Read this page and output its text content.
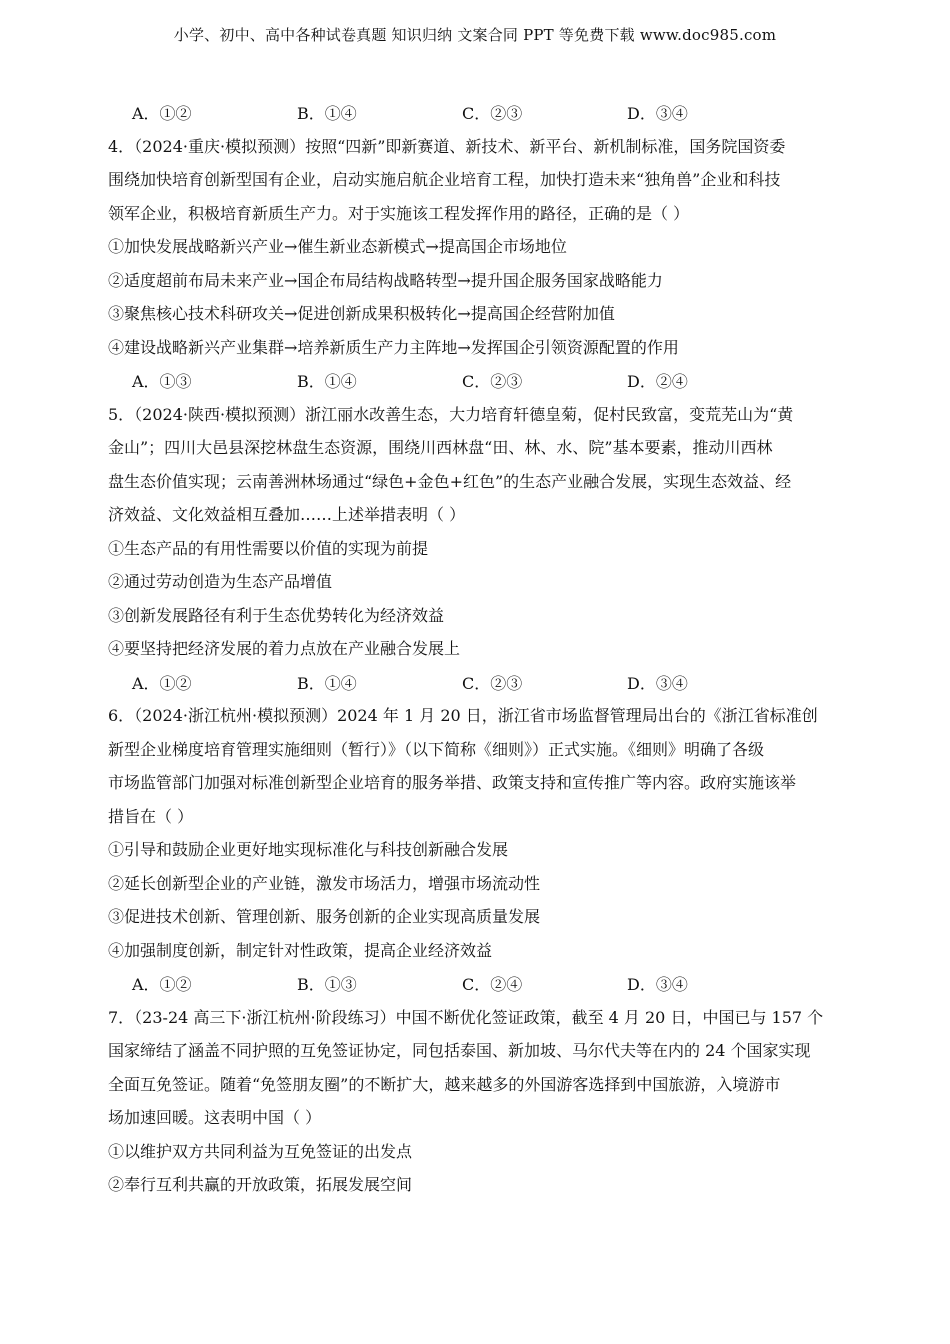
小学、初中、高中各种试卷真题 知识归纳 文案合同 PPT 等免费下载 www.doc985.com
A．①②	B．①④	C．②③	D．③④
4．（2024·重庆·模拟预测）按照“四新”即新赛道、新技术、新平台、新机制标准，国务院国资委
围绕加快培育创新型国有企业，启动实施启航企业培育工程，加快打造未来“独角兽”企业和科技
领军企业，积极培育新质生产力。对于实施该工程发挥作用的路径，正确的是（ ）
①加快发展战略新兴产业→催生新业态新模式→提高国企市场地位
②适度超前布局未来产业→国企布局结构战略转型→提升国企服务国家战略能力
③聚焦核心技术科研攻关→促进创新成果积极转化→提高国企经营附加值
④建设战略新兴产业集群→培养新质生产力主阵地→发挥国企引领资源配置的作用
A．①③	B．①④	C．②③	D．②④
5．（2024·陕西·模拟预测）浙江丽水改善生态，大力培育轩德皇菊，促村民致富，变荒芜山为“黄
金山”；四川大邑县深挖林盘生态资源，围绕川西林盘“田、林、水、院”基本要素，推动川西林
盘生态价值实现；云南善洲林场通过“绿色+金色+红色”的生态产业融合发展，实现生态效益、经
济效益、文化效益相互叠加……上述举措表明（ ）
①生态产品的有用性需要以价值的实现为前提
②通过劳动创造为生态产品增值
③创新发展路径有利于生态优势转化为经济效益
④要坚持把经济发展的着力点放在产业融合发展上
A．①②	B．①④	C．②③	D．③④
6．（2024·浙江杭州·模拟预测）2024 年 1 月 20 日，浙江省市场监督管理局出台的《浙江省标准创
新型企业梯度培育管理实施细则（暂行）》（以下简称《细则》）正式实施。《细则》明确了各级
市场监管部门加强对标准创新型企业培育的服务举措、政策支持和宣传推广等内容。政府实施该举
措旨在（ ）
①引导和鼓励企业更好地实现标准化与科技创新融合发展
②延长创新型企业的产业链，激发市场活力，增强市场流动性
③促进技术创新、管理创新、服务创新的企业实现高质量发展
④加强制度创新，制定针对性政策，提高企业经济效益
A．①②	B．①③	C．②④	D．③④
7．（23-24 高三下·浙江杭州·阶段练习）中国不断优化签证政策，截至 4 月 20 日，中国已与 157 个
国家缔结了涵盖不同护照的互免签证协定，同包括泰国、新加坡、马尔代夫等在内的 24 个国家实现
全面互免签证。随着“免签朋友圈”的不断扩大，越来越多的外国游客选择到中国旅游，入境游市
场加速回暖。这表明中国（ ）
①以维护双方共同利益为互免签证的出发点
②奉行互利共赢的开放政策，拓展发展空间
